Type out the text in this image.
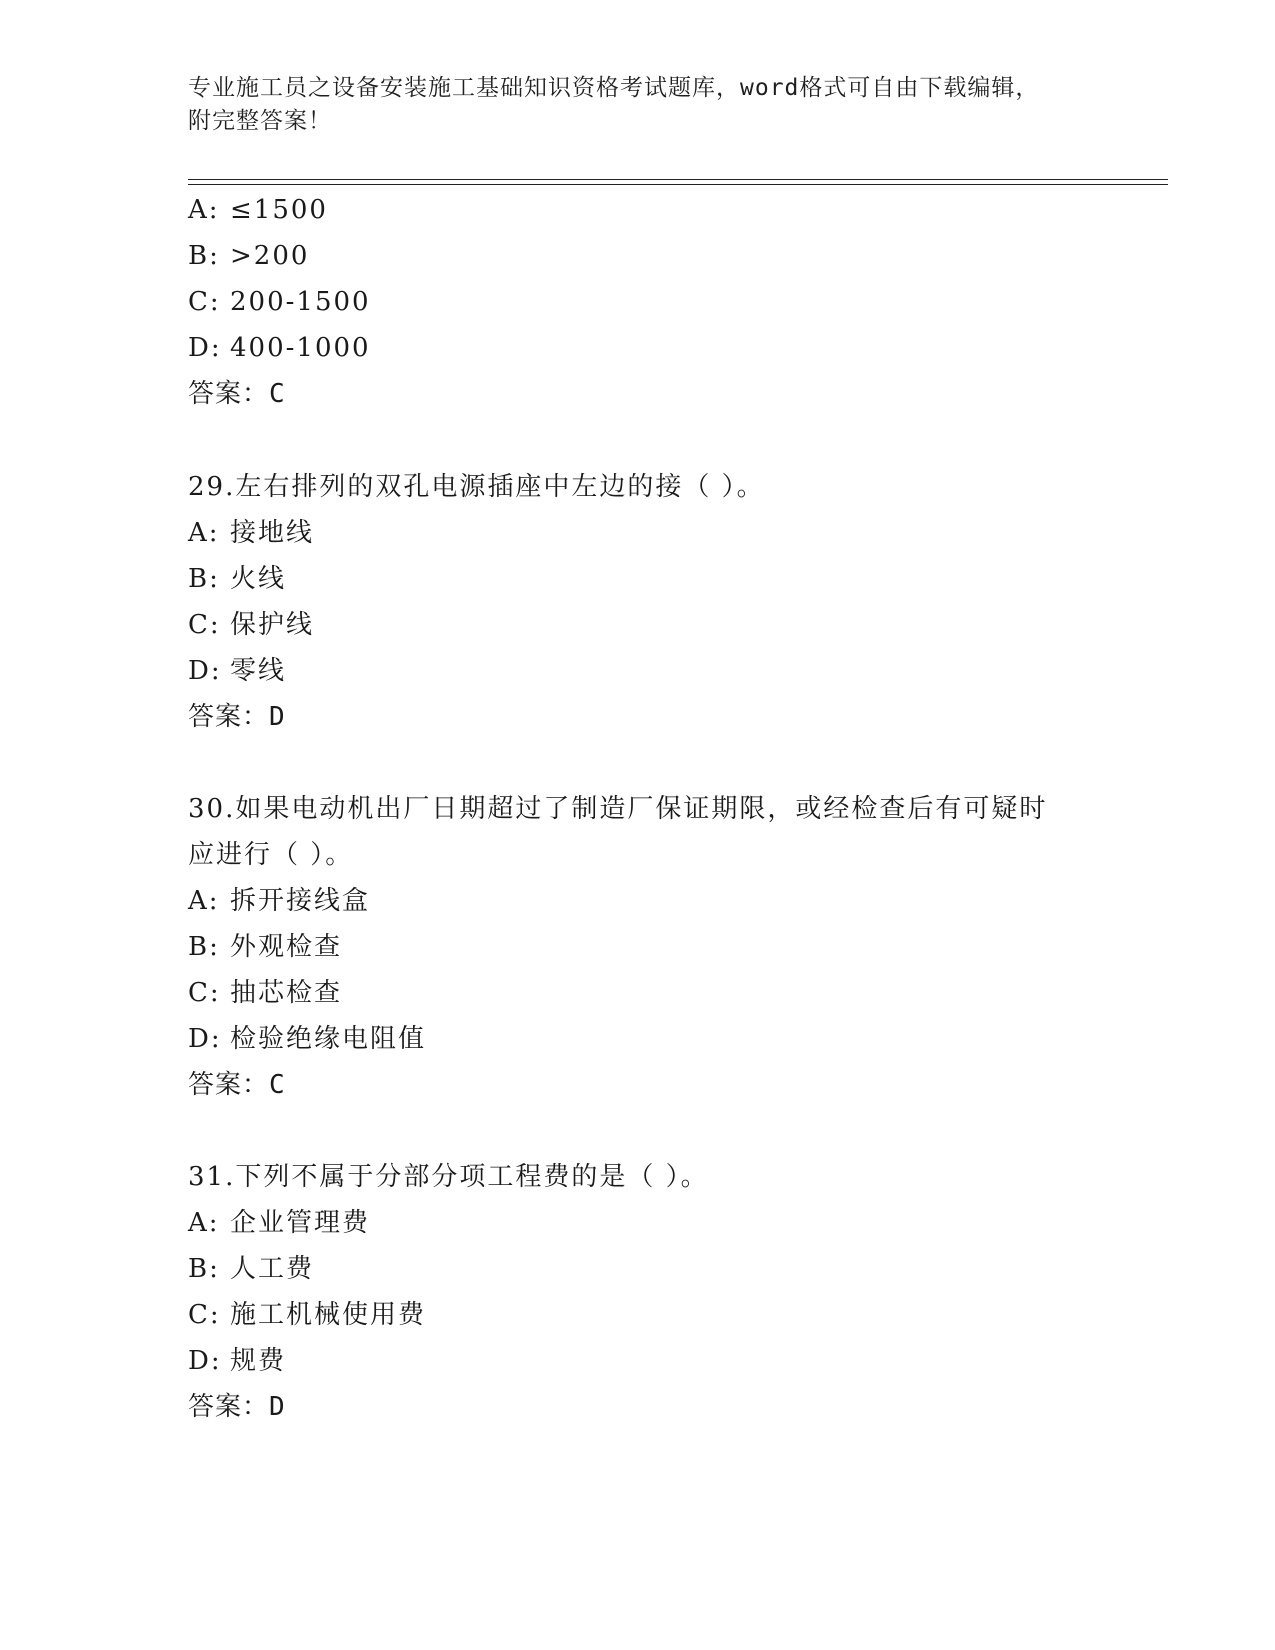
专业施工员之设备安装施工基础知识资格考试题库，word格式可自由下载编辑，
附完整答案！
A: ≤1500
B: >200
C: 200-1500
D: 400-1000
答案：C
29.左右排列的双孔电源插座中左边的接（ ）。
A: 接地线
B: 火线
C: 保护线
D: 零线
答案：D
30.如果电动机出厂日期超过了制造厂保证期限，或经检查后有可疑时
应进行（ ）。
A: 拆开接线盒
B: 外观检查
C: 抽芯检查
D: 检验绝缘电阻值
答案：C
31.下列不属于分部分项工程费的是（ ）。
A: 企业管理费
B: 人工费
C: 施工机械使用费
D: 规费
答案：D
